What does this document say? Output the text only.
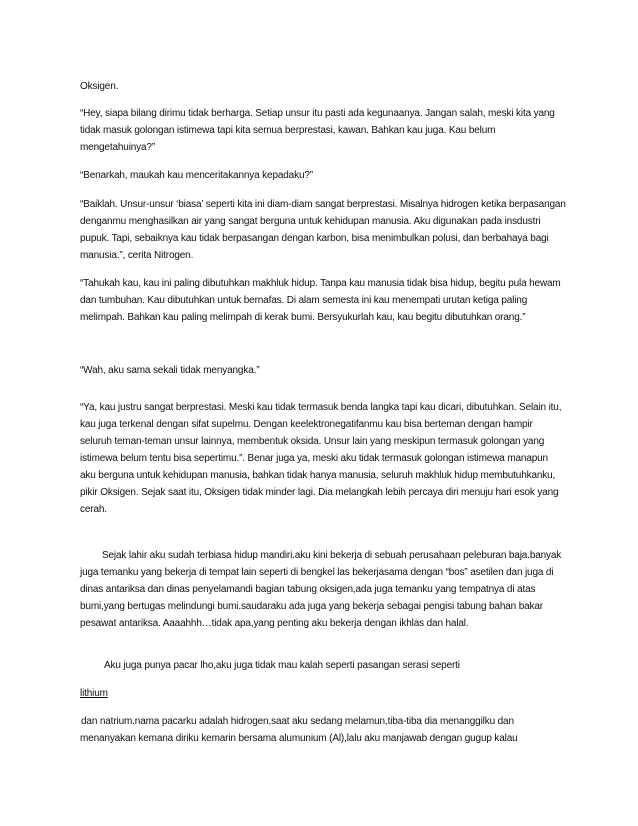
Oksigen.

“Hey, siapa bilang dirimu tidak berharga. Setiap unsur itu pasti ada kegunaanya. Jangan salah, meski kita yang tidak masuk golongan istimewa tapi kita semua berprestasi, kawan. Bahkan kau juga. Kau belum mengetahuinya?”

“Benarkah, maukah kau menceritakannya kepadaku?”

“Baiklah. Unsur-unsur ‘biasa’ seperti kita ini diam-diam sangat berprestasi. Misalnya hidrogen ketika berpasangan denganmu menghasilkan air yang sangat berguna untuk kehidupan manusia. Aku digunakan pada insdustri pupuk. Tapi, sebaiknya kau tidak berpasangan dengan karbon, bisa menimbulkan polusi, dan berbahaya bagi manusia.”, cerita Nitrogen.

“Tahukah kau, kau ini paling dibutuhkan makhluk hidup. Tanpa kau manusia tidak bisa hidup, begitu pula hewam dan tumbuhan. Kau dibutuhkan untuk bernafas. Di alam semesta ini kau menempati urutan ketiga paling melimpah. Bahkan kau paling melimpah di kerak bumi. Bersyukurlah kau, kau begitu dibutuhkan orang.”

“Wah, aku sama sekali tidak menyangka.”

“Ya, kau justru sangat berprestasi. Meski kau tidak termasuk benda langka tapi kau dicari, dibutuhkan. Selain itu, kau juga terkenal dengan sifat supelmu. Dengan keelektronegatifanmu kau bisa berteman dengan hampir seluruh teman-teman unsur lainnya, membentuk oksida. Unsur lain yang meskipun termasuk golongan yang istimewa belum tentu bisa sepertimu.”. Benar juga ya, meski aku tidak termasuk golongan istimewa manapun aku berguna untuk kehidupan manusia, bahkan tidak hanya manusia, seluruh makhluk hidup membutuhkanku, pikir Oksigen. Sejak saat itu, Oksigen tidak minder lagi. Dia melangkah lebih percaya diri menuju hari esok yang cerah.

Sejak lahir aku sudah terbiasa hidup mandiri.aku kini bekerja di sebuah perusahaan peleburan baja.banyak juga temanku yang bekerja di tempat lain seperti di bengkel las bekerjasama dengan “bos” asetilen dan juga di dinas antariksa dan dinas penyelamandi bagian tabung oksigen,ada juga temanku yang tempatnya di atas bumi,yang bertugas melindungi bumi.saudaraku ada juga yang bekerja sebagai pengisi tabung bahan bakar pesawat antariksa. Aaaahhh…tidak apa,yang penting aku bekerja dengan ikhlas dan halal.

Aku juga punya pacar lho,aku juga tidak mau kalah seperti pasangan serasi seperti

lithium

dan natrium.nama pacarku adalah hidrogen,saat aku sedang melamun,tiba-tiba dia menanggilku dan menanyakan kemana diriku kemarin bersama alumunium (Al),lalu aku manjawab dengan gugup kalau
